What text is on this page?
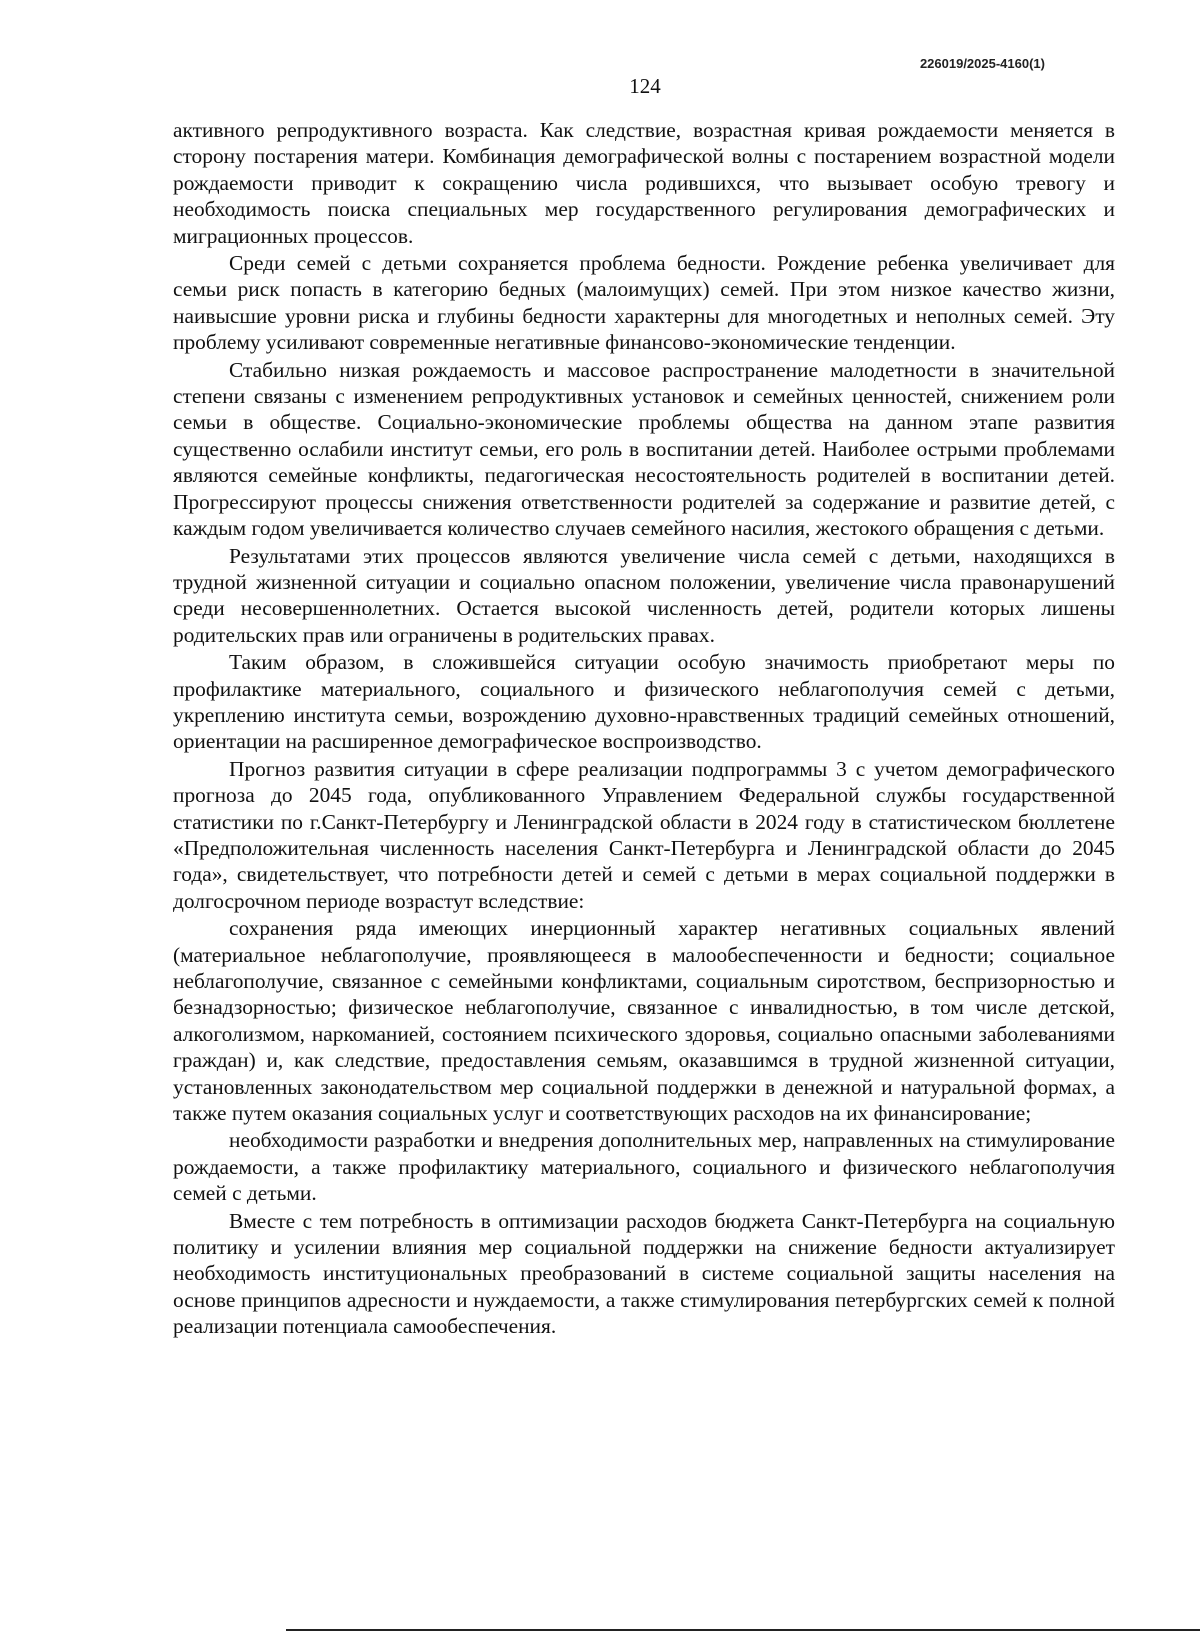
226019/2025-4160(1)
124

активного репродуктивного возраста. Как следствие, возрастная кривая рождаемости меняется в сторону постарения матери. Комбинация демографической волны с постарением возрастной модели рождаемости приводит к сокращению числа родившихся, что вызывает особую тревогу и необходимость поиска специальных мер государственного регулирования демографических и миграционных процессов.

Среди семей с детьми сохраняется проблема бедности. Рождение ребенка увеличивает для семьи риск попасть в категорию бедных (малоимущих) семей. При этом низкое качество жизни, наивысшие уровни риска и глубины бедности характерны для многодетных и неполных семей. Эту проблему усиливают современные негативные финансово-экономические тенденции.

Стабильно низкая рождаемость и массовое распространение малодетности в значительной степени связаны с изменением репродуктивных установок и семейных ценностей, снижением роли семьи в обществе. Социально-экономические проблемы общества на данном этапе развития существенно ослабили институт семьи, его роль в воспитании детей. Наиболее острыми проблемами являются семейные конфликты, педагогическая несостоятельность родителей в воспитании детей. Прогрессируют процессы снижения ответственности родителей за содержание и развитие детей, с каждым годом увеличивается количество случаев семейного насилия, жестокого обращения с детьми.

Результатами этих процессов являются увеличение числа семей с детьми, находящихся в трудной жизненной ситуации и социально опасном положении, увеличение числа правонарушений среди несовершеннолетних. Остается высокой численность детей, родители которых лишены родительских прав или ограничены в родительских правах.

Таким образом, в сложившейся ситуации особую значимость приобретают меры по профилактике материального, социального и физического неблагополучия семей с детьми, укреплению института семьи, возрождению духовно-нравственных традиций семейных отношений, ориентации на расширенное демографическое воспроизводство.

Прогноз развития ситуации в сфере реализации подпрограммы 3 с учетом демографического прогноза до 2045 года, опубликованного Управлением Федеральной службы государственной статистики по г.Санкт-Петербургу и Ленинградской области в 2024 году в статистическом бюллетене «Предположительная численность населения Санкт-Петербурга и Ленинградской области до 2045 года», свидетельствует, что потребности детей и семей с детьми в мерах социальной поддержки в долгосрочном периоде возрастут вследствие:

сохранения ряда имеющих инерционный характер негативных социальных явлений (материальное неблагополучие, проявляющееся в малообеспеченности и бедности; социальное неблагополучие, связанное с семейными конфликтами, социальным сиротством, беспризорностью и безнадзорностью; физическое неблагополучие, связанное с инвалидностью, в том числе детской, алкоголизмом, наркоманией, состоянием психического здоровья, социально опасными заболеваниями граждан) и, как следствие, предоставления семьям, оказавшимся в трудной жизненной ситуации, установленных законодательством мер социальной поддержки в денежной и натуральной формах, а также путем оказания социальных услуг и соответствующих расходов на их финансирование;

необходимости разработки и внедрения дополнительных мер, направленных на стимулирование рождаемости, а также профилактику материального, социального и физического неблагополучия семей с детьми.

Вместе с тем потребность в оптимизации расходов бюджета Санкт-Петербурга на социальную политику и усилении влияния мер социальной поддержки на снижение бедности актуализирует необходимость институциональных преобразований в системе социальной защиты населения на основе принципов адресности и нуждаемости, а также стимулирования петербургских семей к полной реализации потенциала самообеспечения.
